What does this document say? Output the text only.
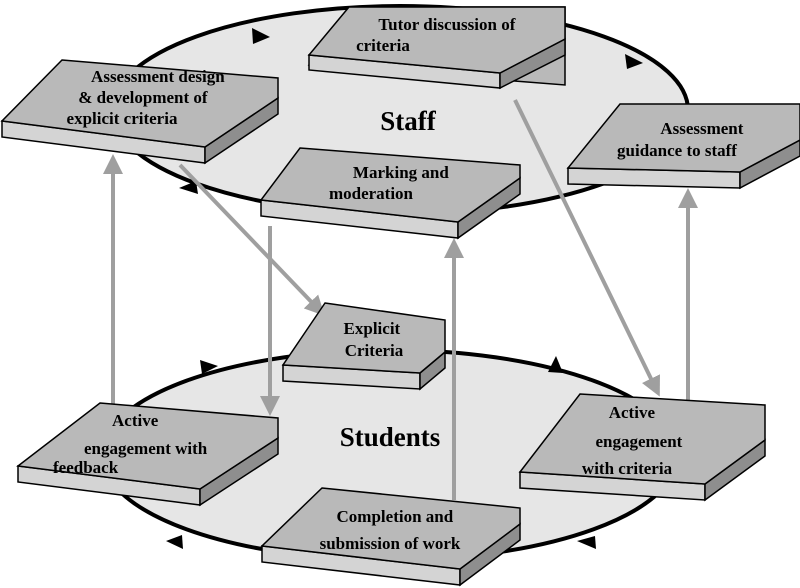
Staff
Students
Tutor discussion of criteria
Assessment design & development of explicit criteria
Assessment guidance to staff
Marking and moderation
Explicit Criteria
Active engagement with feedback
Active engagement with criteria
Completion and submission of work
